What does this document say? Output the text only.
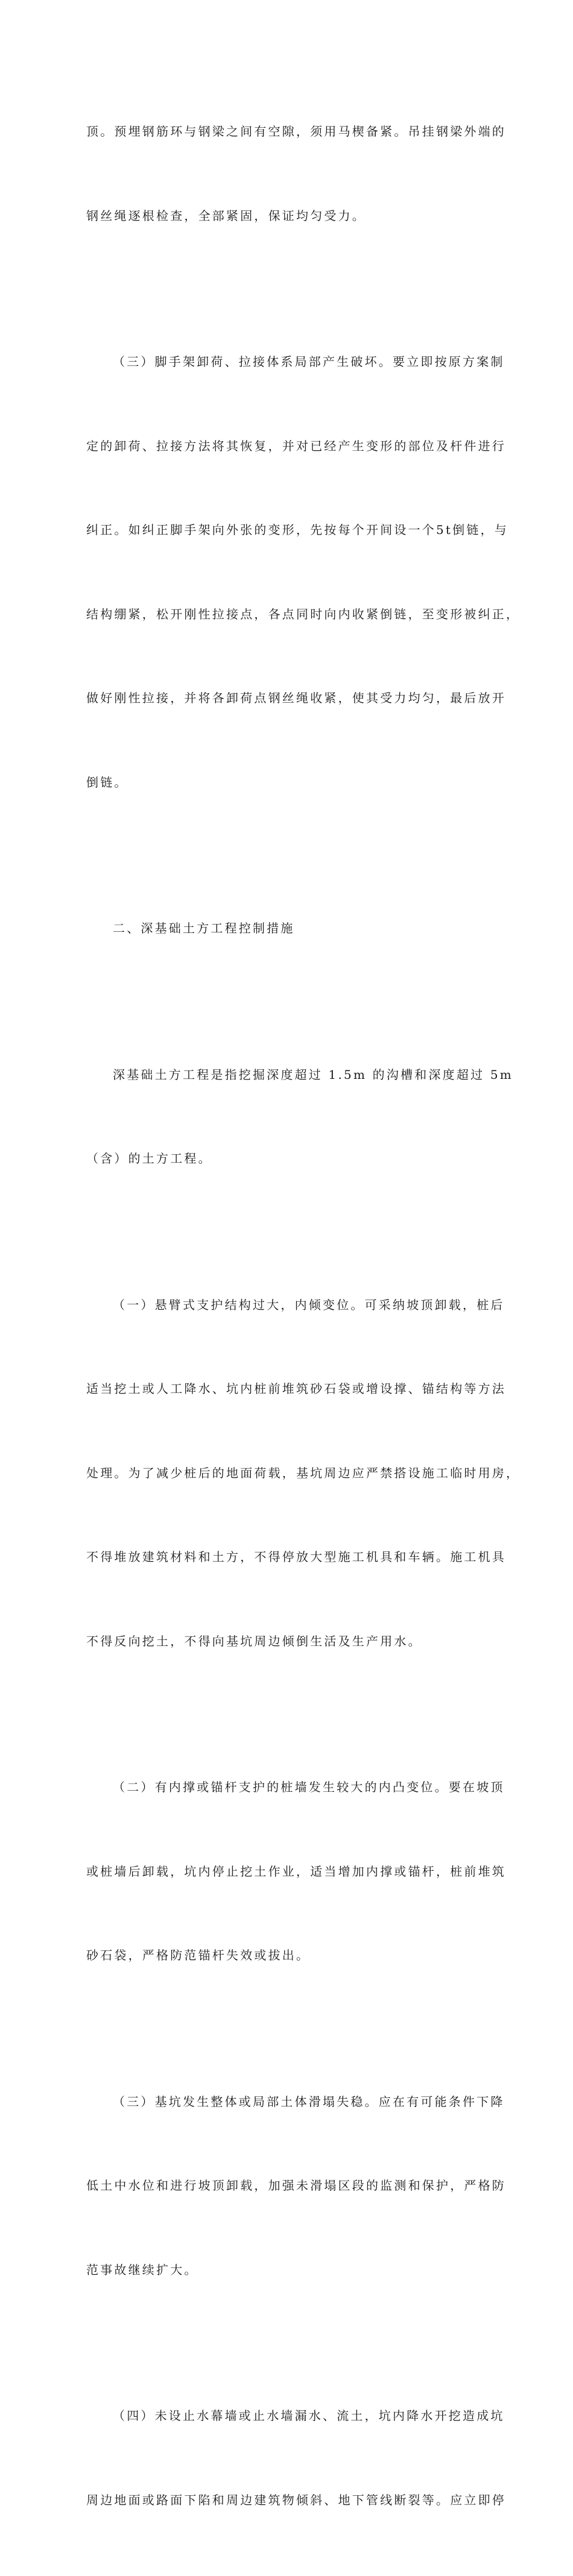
顶。预埋钢筋环与钢梁之间有空隙，须用马楔备紧。吊挂钢梁外端的

钢丝绳逐根检查，全部紧固，保证均匀受力。

（三）脚手架卸荷、拉接体系局部产生破坏。要立即按原方案制

定的卸荷、拉接方法将其恢复，并对已经产生变形的部位及杆件进行

纠正。如纠正脚手架向外张的变形，先按每个开间设一个5t倒链，与

结构绷紧，松开刚性拉接点，各点同时向内收紧倒链，至变形被纠正，

做好刚性拉接，并将各卸荷点钢丝绳收紧，使其受力均匀，最后放开

倒链。

二、深基础土方工程控制措施

深基础土方工程是指挖掘深度超过 1.5m 的沟槽和深度超过 5m

（含）的土方工程。

（一）悬臂式支护结构过大，内倾变位。可采纳坡顶卸载，桩后

适当挖土或人工降水、坑内桩前堆筑砂石袋或增设撑、锚结构等方法

处理。为了减少桩后的地面荷载，基坑周边应严禁搭设施工临时用房，

不得堆放建筑材料和土方，不得停放大型施工机具和车辆。施工机具

不得反向挖土，不得向基坑周边倾倒生活及生产用水。

（二）有内撑或锚杆支护的桩墙发生较大的内凸变位。要在坡顶

或桩墙后卸载，坑内停止挖土作业，适当增加内撑或锚杆，桩前堆筑

砂石袋，严格防范锚杆失效或拔出。

（三）基坑发生整体或局部土体滑塌失稳。应在有可能条件下降

低土中水位和进行坡顶卸载，加强未滑塌区段的监测和保护，严格防

范事故继续扩大。

（四）未设止水幕墙或止水墙漏水、流土，坑内降水开挖造成坑

周边地面或路面下陷和周边建筑物倾斜、地下管线断裂等。应立即停
